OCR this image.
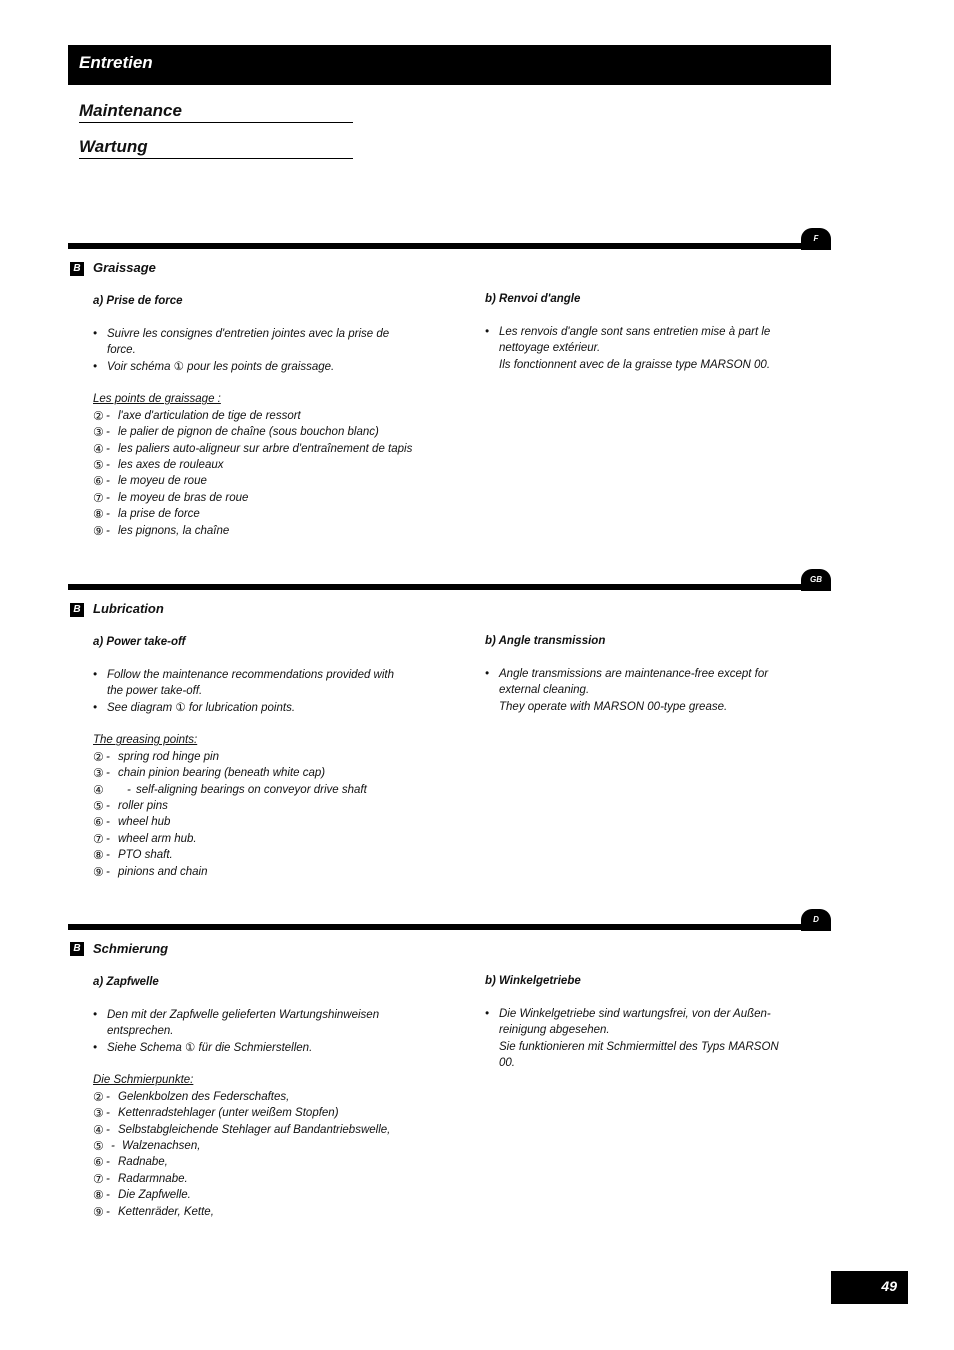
Entretien
Maintenance
Wartung
F
B Graissage
a) Prise de force
• Suivre les consignes d'entretien jointes avec la prise de force.
• Voir schéma ① pour les points de graissage.
Les points de graissage :
② - l'axe d'articulation de tige de ressort
③ - le palier de pignon de chaîne (sous bouchon blanc)
④ - les paliers auto-aligneur sur arbre d'entraînement de tapis
⑤ - les axes de rouleaux
⑥ - le moyeu de roue
⑦ - le moyeu de bras de roue
⑧ - la prise de force
⑨ - les pignons, la chaîne
b) Renvoi d'angle
• Les renvois d'angle sont sans entretien mise à part le nettoyage extérieur.
Ils fonctionnent avec de la graisse type MARSON 00.
GB
B Lubrication
a) Power take-off
• Follow the maintenance recommendations provided with the power take-off.
• See diagram ① for lubrication points.
The greasing points:
② - spring rod hinge pin
③ - chain pinion bearing (beneath white cap)
④ - self-aligning bearings on conveyor drive shaft
⑤ - roller pins
⑥ - wheel hub
⑦ - wheel arm hub.
⑧ - PTO shaft.
⑨ - pinions and chain
b) Angle transmission
• Angle transmissions are maintenance-free except for external cleaning.
They operate with MARSON 00-type grease.
D
B Schmierung
a) Zapfwelle
• Den mit der Zapfwelle gelieferten Wartungshinweisen entsprechen.
• Siehe Schema ① für die Schmierstellen.
Die Schmierpunkte:
② - Gelenkbolzen des Federschaftes,
③ - Kettenradstehlager (unter weißem Stopfen)
④ - Selbstabgleichende Stehlager auf Bandantriebswelle,
⑤ - Walzenachsen,
⑥ - Radnabe,
⑦ - Radarmnabe.
⑧ - Die Zapfwelle.
⑨ - Kettenräder, Kette,
b) Winkelgetriebe
• Die Winkelgetriebe sind wartungsfrei, von der Außen-reinigung abgesehen.
Sie funktionieren mit Schmiermittel des Typs MARSON 00.
49
